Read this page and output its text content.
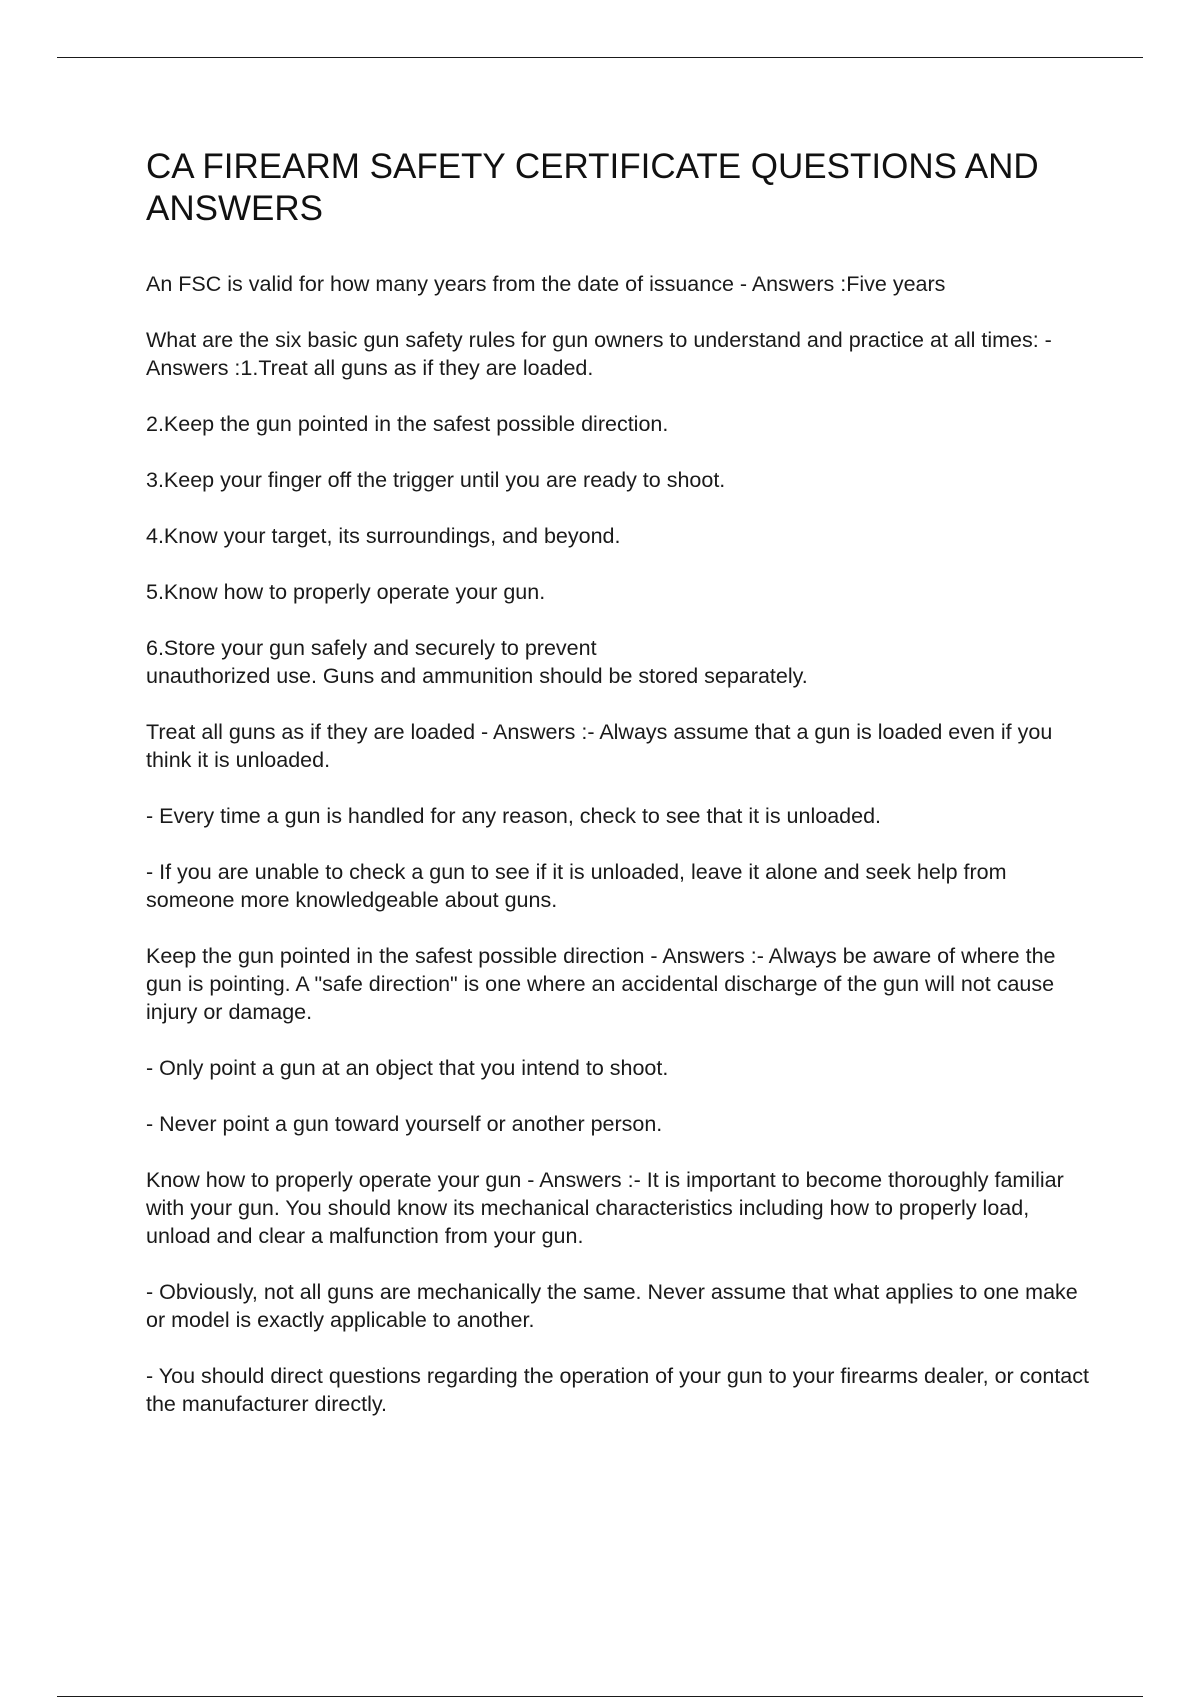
CA FIREARM SAFETY CERTIFICATE QUESTIONS AND ANSWERS

An FSC is valid for how many years from the date of issuance - Answers :Five years

What are the six basic gun safety rules for gun owners to understand and practice at all times: - Answers :1.Treat all guns as if they are loaded.

2.Keep the gun pointed in the safest possible direction.

3.Keep your finger off the trigger until you are ready to shoot.

4.Know your target, its surroundings, and beyond.

5.Know how to properly operate your gun.

6.Store your gun safely and securely to prevent
unauthorized use. Guns and ammunition should be stored separately.

Treat all guns as if they are loaded - Answers :- Always assume that a gun is loaded even if you think it is unloaded.

- Every time a gun is handled for any reason, check to see that it is unloaded.

- If you are unable to check a gun to see if it is unloaded, leave it alone and seek help from someone more knowledgeable about guns.

Keep the gun pointed in the safest possible direction - Answers :- Always be aware of where the gun is pointing. A "safe direction" is one where an accidental discharge of the gun will not cause injury or damage.

- Only point a gun at an object that you intend to shoot.

- Never point a gun toward yourself or another person.

Know how to properly operate your gun - Answers :- It is important to become thoroughly familiar with your gun. You should know its mechanical characteristics including how to properly load, unload and clear a malfunction from your gun.

- Obviously, not all guns are mechanically the same. Never assume that what applies to one make or model is exactly applicable to another.

- You should direct questions regarding the operation of your gun to your firearms dealer, or contact the manufacturer directly.
